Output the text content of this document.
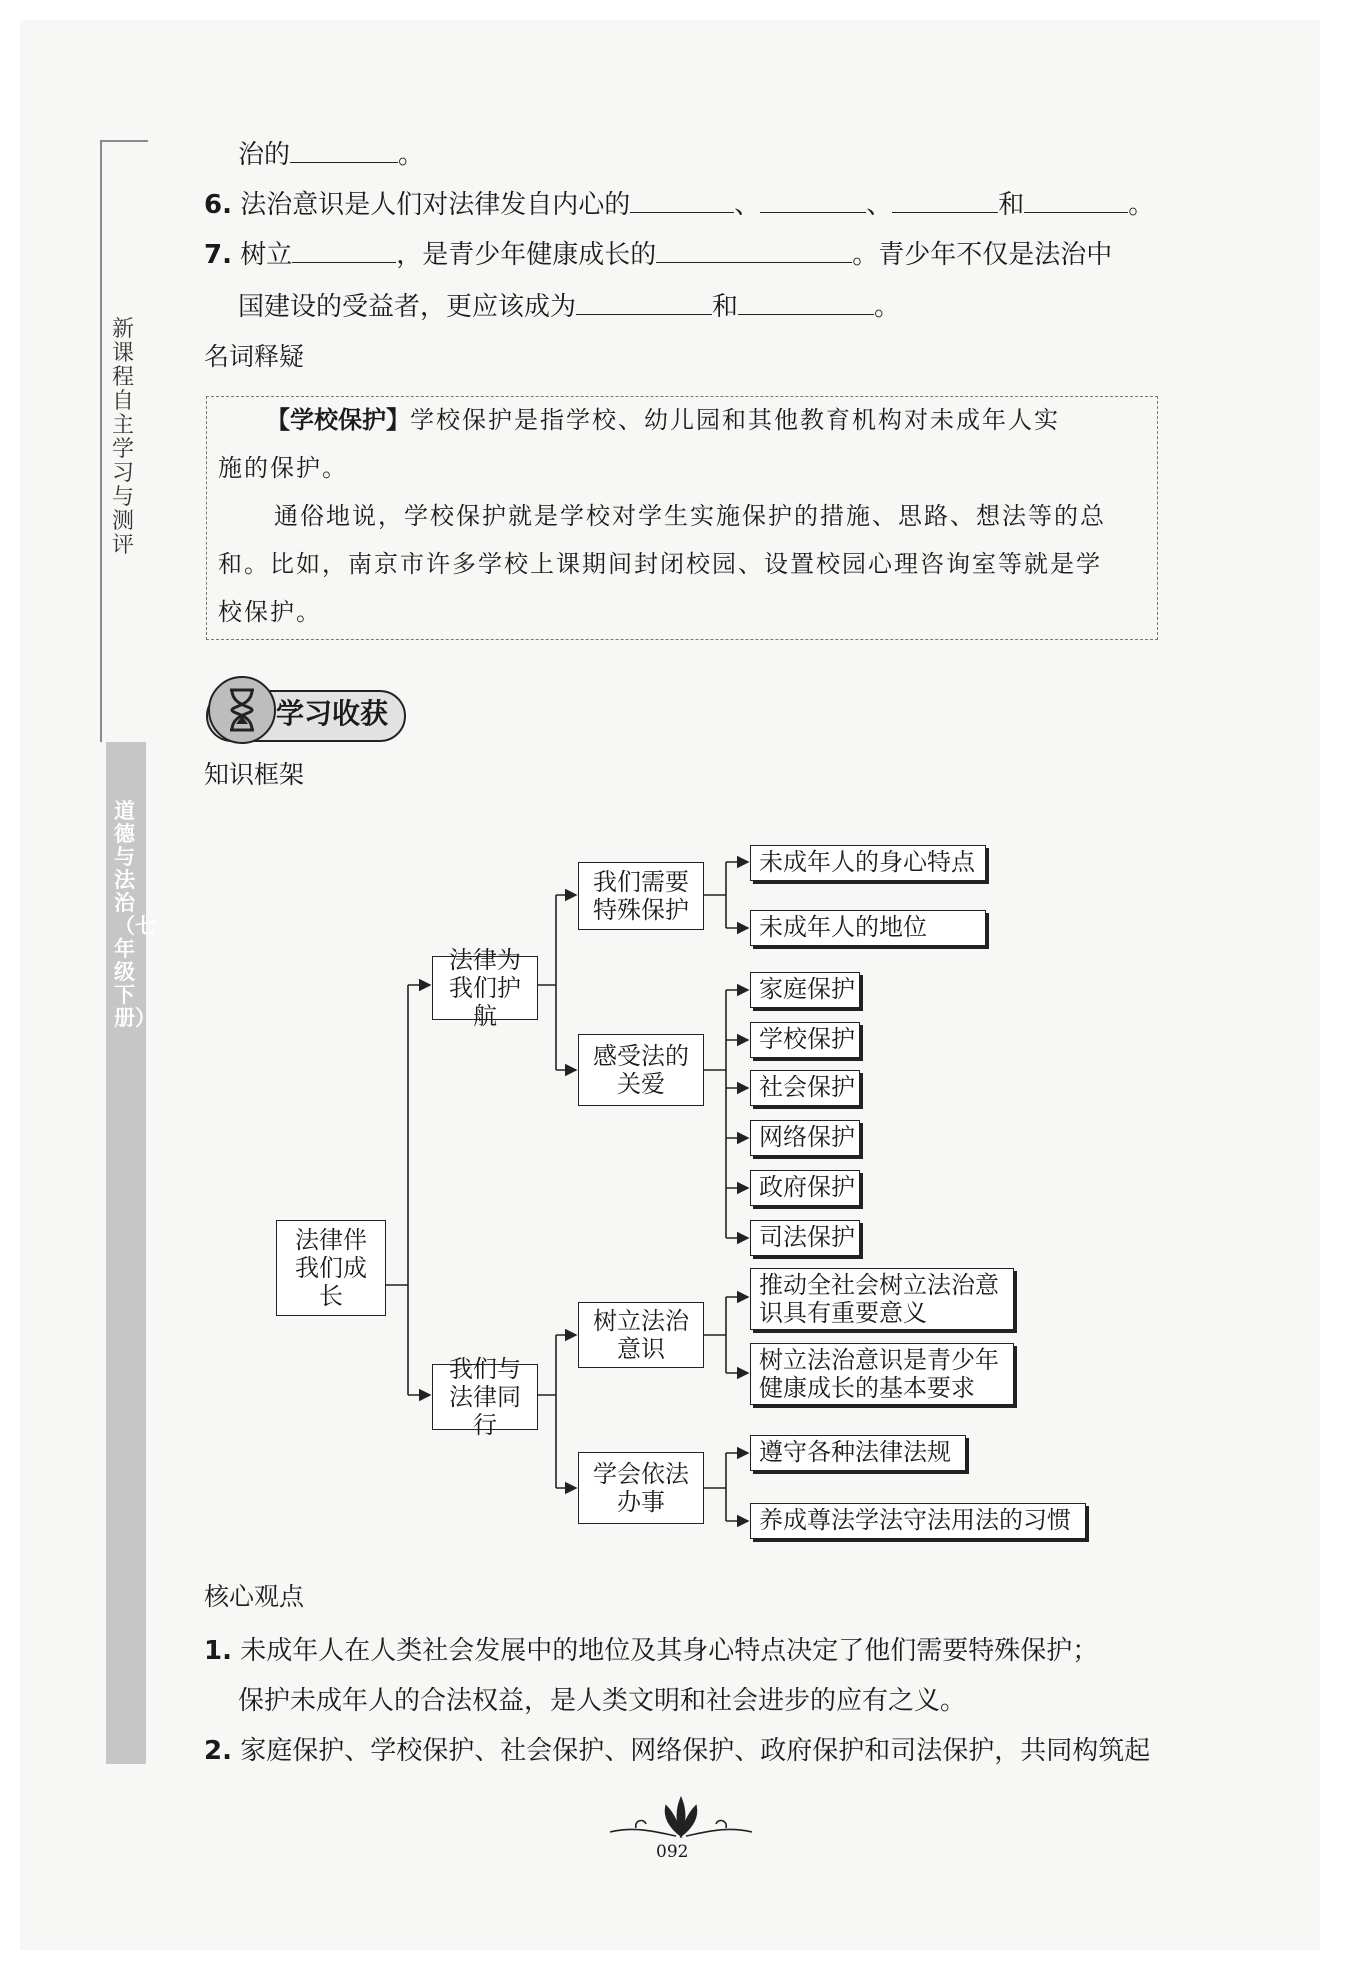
新课程自主学习与测评
道德与法治（七年级下册）
治的	。
6. 法治意识是人们对法律发自内心的	、	、	和	。
7. 树立	，是青少年健康成长的	。青少年不仅是法治中
国建设的受益者，更应该成为	和	。
名词释疑
【学校保护】学校保护是指学校、幼儿园和其他教育机构对未成年人实
施的保护。
通俗地说，学校保护就是学校对学生实施保护的措施、思路、想法等的总
和。比如，南京市许多学校上课期间封闭校园、设置校园心理咨询室等就是学
校保护。
学习收获
知识框架
法律伴我们成长
法律为我们护航
我们需要特殊保护
未成年人的身心特点
未成年人的地位
感受法的关爱
家庭保护
学校保护
社会保护
网络保护
政府保护
司法保护
我们与法律同行
树立法治意识
推动全社会树立法治意识具有重要意义
树立法治意识是青少年健康成长的基本要求
学会依法办事
遵守各种法律法规
养成尊法学法守法用法的习惯
核心观点
1. 未成年人在人类社会发展中的地位及其身心特点决定了他们需要特殊保护；
保护未成年人的合法权益，是人类文明和社会进步的应有之义。
2. 家庭保护、学校保护、社会保护、网络保护、政府保护和司法保护，共同构筑起
092
